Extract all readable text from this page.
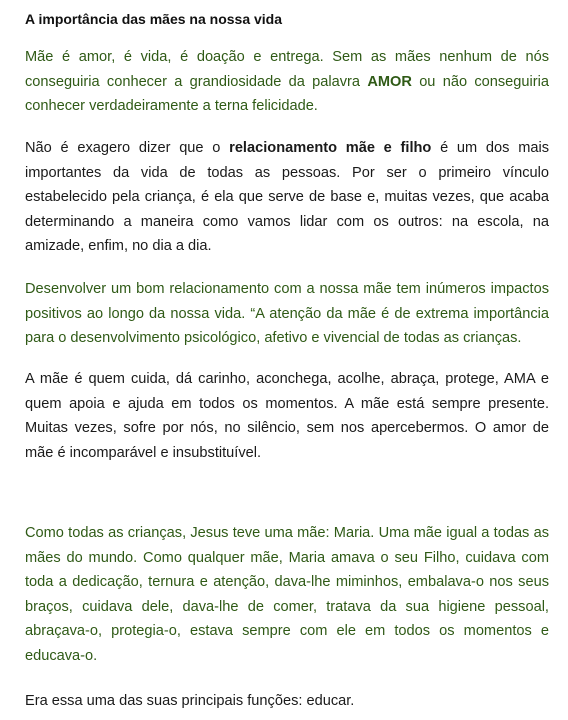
A importância das mães na nossa vida

Mãe é amor, é vida, é doação e entrega. Sem as mães nenhum de nós conseguiria conhecer a grandiosidade da palavra AMOR ou não conseguiria conhecer verdadeiramente a terna felicidade.

Não é exagero dizer que o relacionamento mãe e filho é um dos mais importantes da vida de todas as pessoas. Por ser o primeiro vínculo estabelecido pela criança, é ela que serve de base e, muitas vezes, que acaba determinando a maneira como vamos lidar com os outros: na escola, na amizade, enfim, no dia a dia.

Desenvolver um bom relacionamento com a nossa mãe tem inúmeros impactos positivos ao longo da nossa vida. “A atenção da mãe é de extrema importância para o desenvolvimento psicológico, afetivo e vivencial de todas as crianças.

A mãe é quem cuida, dá carinho, aconchega, acolhe, abraça, protege, AMA e quem apoia e ajuda em todos os momentos. A mãe está sempre presente. Muitas vezes, sofre por nós, no silêncio, sem nos apercebermos. O amor de mãe é incomparável e insubstituível.

Como todas as crianças, Jesus teve uma mãe: Maria. Uma mãe igual a todas as mães do mundo. Como qualquer mãe, Maria amava o seu Filho, cuidava com toda a dedicação, ternura e atenção, dava-lhe miminhos, embalava-o nos seus braços, cuidava dele, dava-lhe de comer, tratava da sua higiene pessoal, abraçava-o, protegia-o, estava sempre com ele em todos os momentos e educava-o.

Era essa uma das suas principais funções: educar.
